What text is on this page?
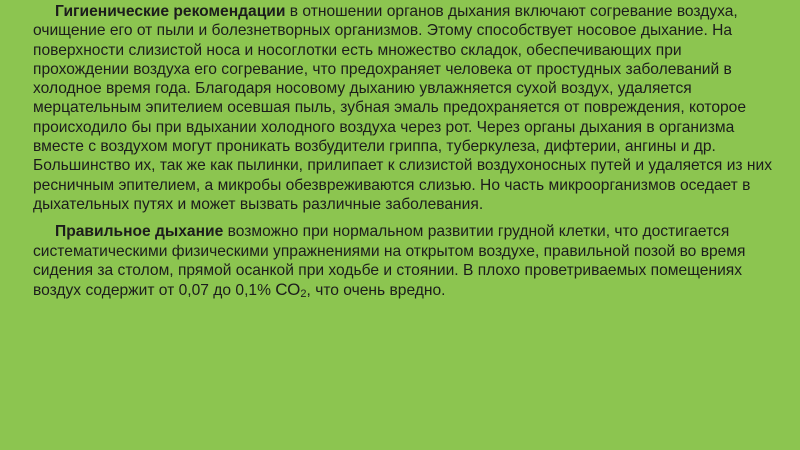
Гигиенические рекомендации в отношении органов дыхания включают согревание воздуха, очищение его от пыли и болезнетворных организмов. Этому способствует носовое дыхание. На поверхности слизистой носа и носоглотки есть множество складок, обеспечивающих при прохождении воздуха его согревание, что предохраняет человека от простудных заболеваний в холодное время года. Благодаря носовому дыханию увлажняется сухой воздух, удаляется мерцательным эпителием осевшая пыль, зубная эмаль предохраняется от повреждения, которое происходило бы при вдыхании холодного воздуха через рот. Через органы дыхания в организма вместе с воздухом могут проникать возбудители гриппа, туберкулеза, дифтерии, ангины и др. Большинство их, так же как пылинки, прилипает к слизистой воздухоносных путей и удаляется из них ресничным эпителием, а микробы обезвреживаются слизью. Но часть микроорганизмов оседает в дыхательных путях и может вызвать различные заболевания.

Правильное дыхание возможно при нормальном развитии грудной клетки, что достигается систематическими физическими упражнениями на открытом воздухе, правильной позой во время сидения за столом, прямой осанкой при ходьбе и стоянии. В плохо проветриваемых помещениях воздух содержит от 0,07 до 0,1% $СО_2$, что очень вредно.
